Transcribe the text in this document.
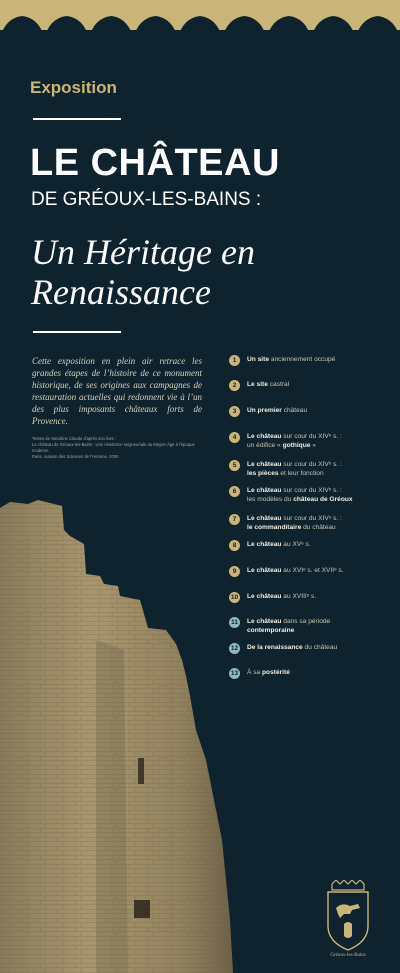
Exposition
LE CHÂTEAU
DE GRÉOUX-LES-BAINS :
Un Héritage en Renaissance
Cette exposition en plein air retrace les grandes étapes de l’histoire de ce monument historique, de ses origines aux campagnes de restauration actuelles qui redonnent vie à l’un des plus imposants châteaux forts de Provence.
Textes de Sandrine Claude d'après son livre :
Le château de Gréoux-les-Bains : Une résidence seigneuriale du Moyen Âge à l'époque moderne
Paris, maison des Sciences de l'Homme, 2000
1	Un site anciennement occupé
2	Le site castral
3	Un premier château
4	Le château sur cour du XIVᵉ s. :
un édifice « gothique »
5	Le château sur cour du XIVᵉ s. :
les pièces et leur fonction
6	Le château sur cour du XIVᵉ s. :
les modèles du château de Gréoux
7	Le château sur cour du XIVᵉ s. :
le commanditaire du château
8	Le château au XVᵉ s.
9	Le château au XVIᵉ s. et XVIIᵉ s.
10 Le château au XVIIIᵉ s.
11	Le château dans sa période
contemporaine
12 De la renaissance du château
13 À sa postérité
Gréoux-les-Bains
